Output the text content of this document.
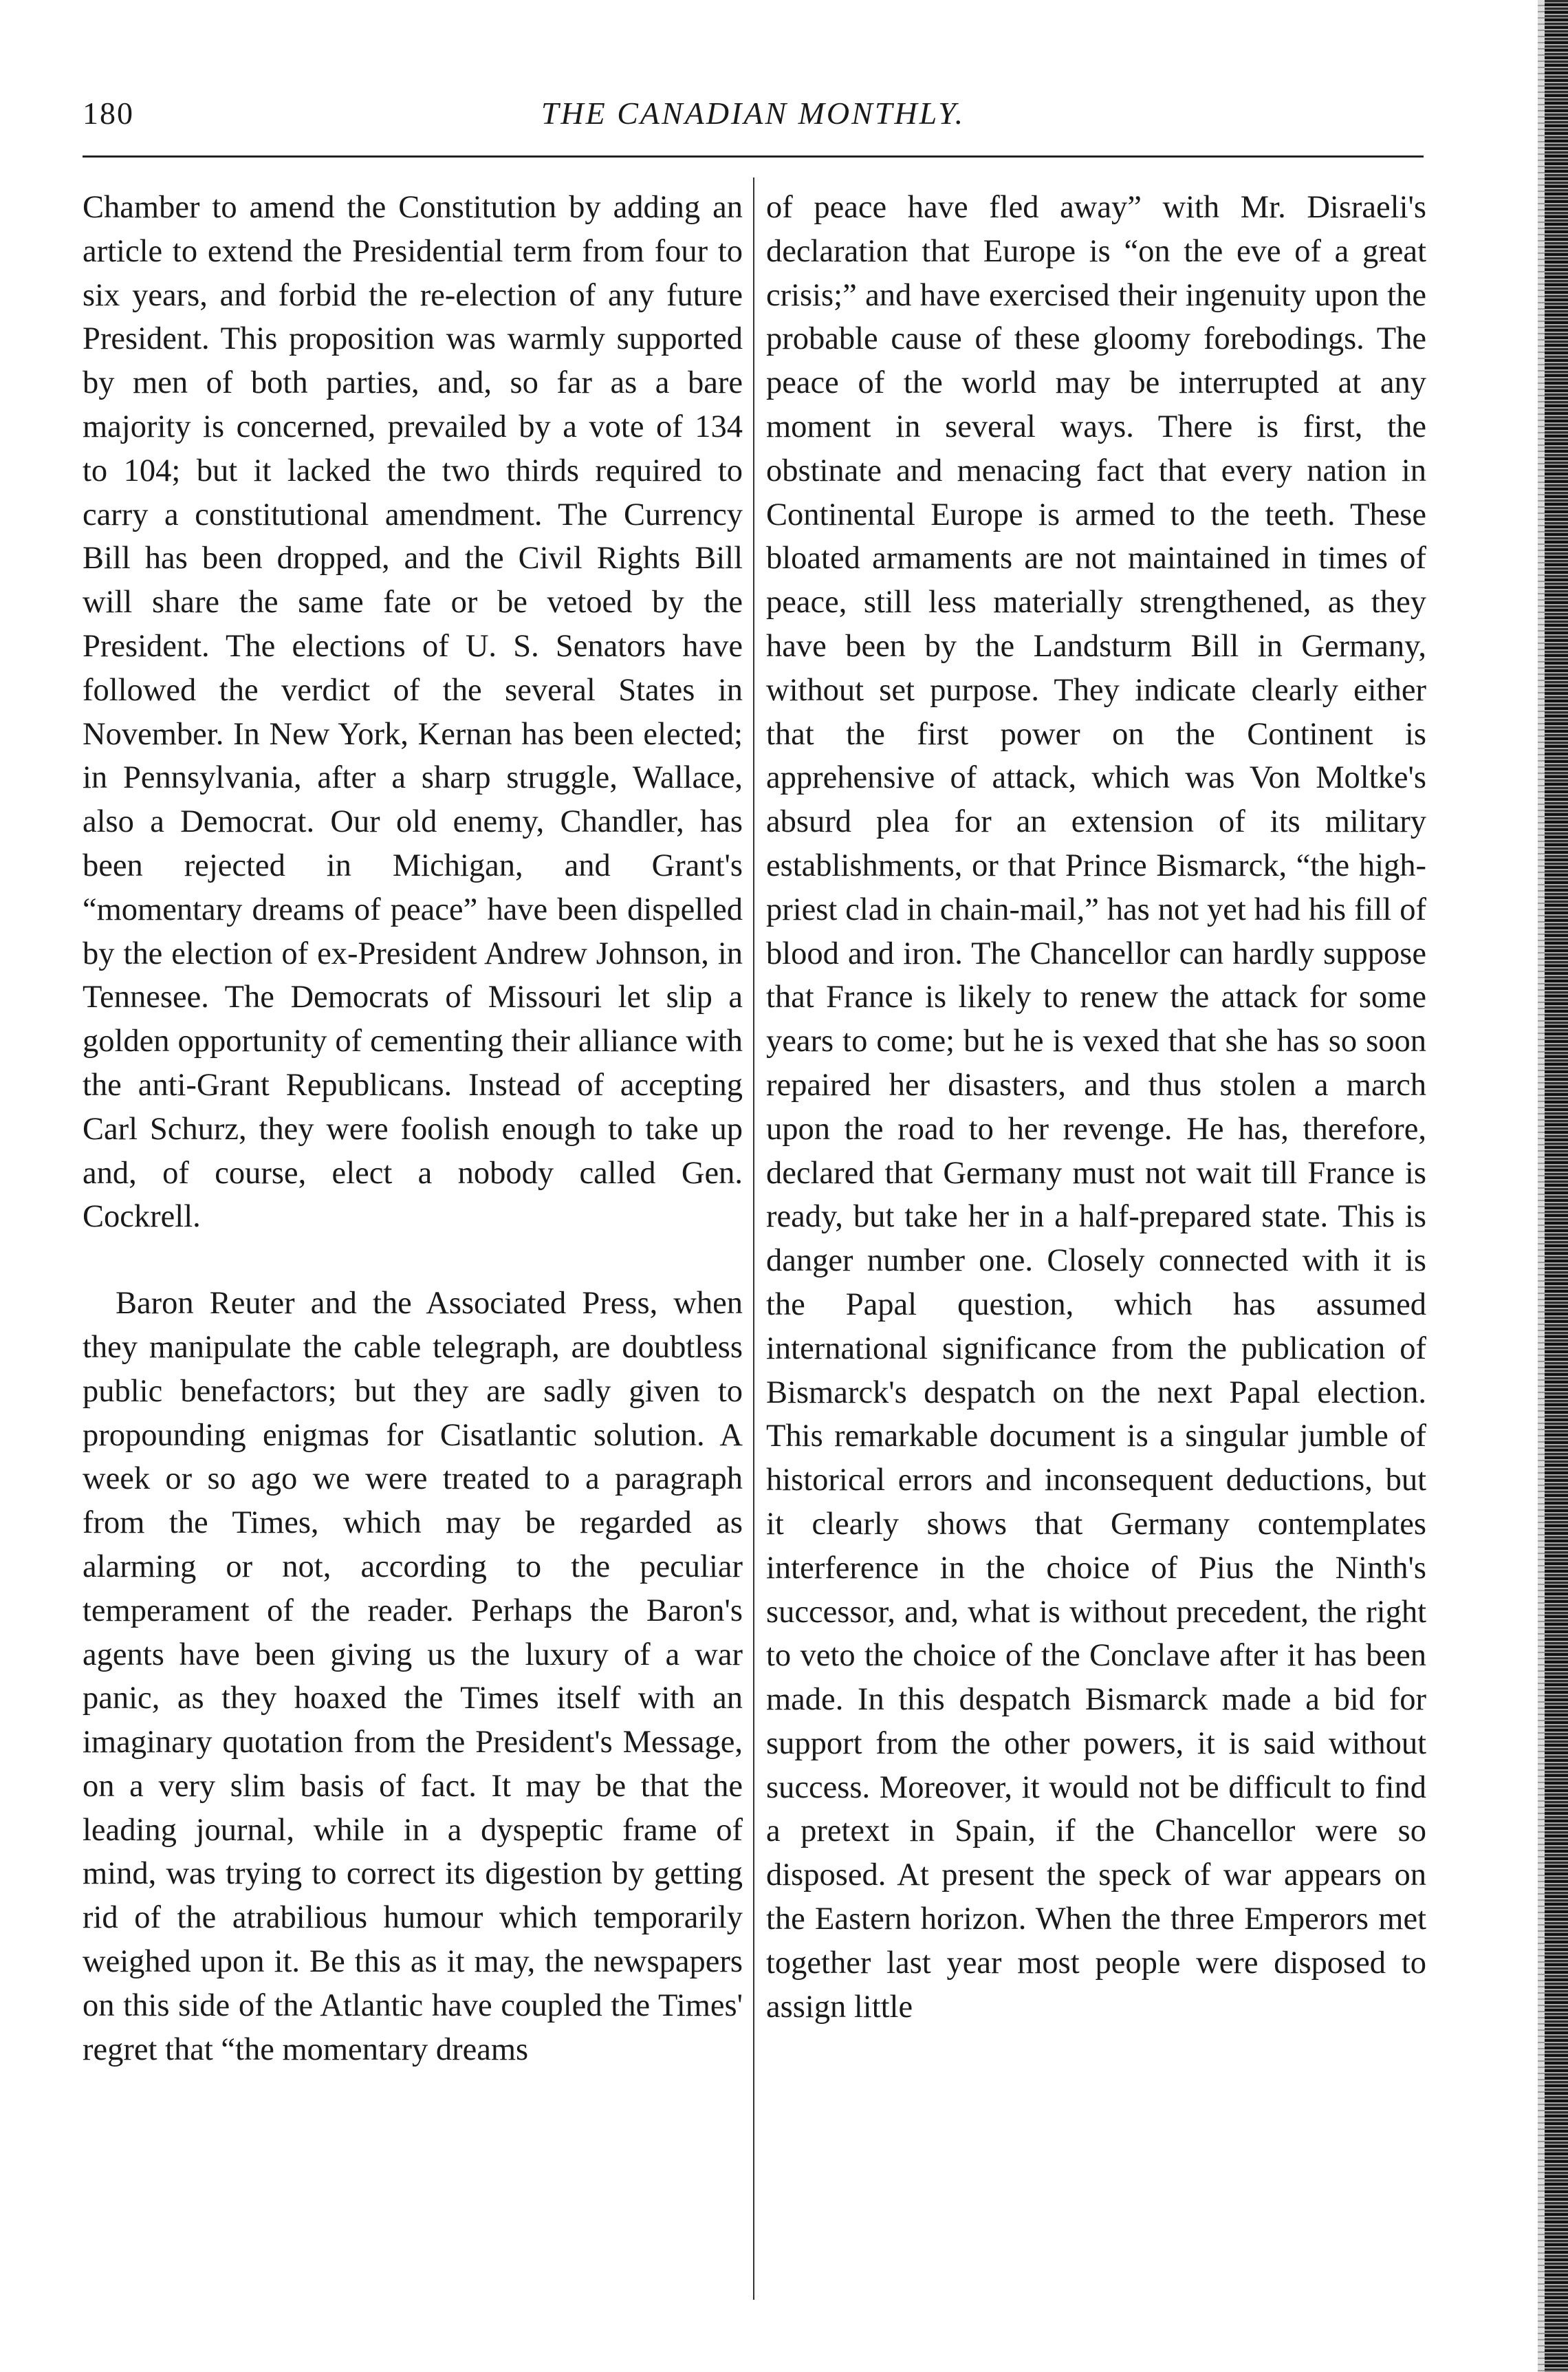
180	THE CANADIAN MONTHLY.

Chamber to amend the Constitution by adding an article to extend the Presidential term from four to six years, and forbid the re-election of any future President. This proposition was warmly supported by men of both parties, and, so far as a bare majority is concerned, prevailed by a vote of 134 to 104; but it lacked the two thirds required to carry a constitutional amendment. The Currency Bill has been dropped, and the Civil Rights Bill will share the same fate or be vetoed by the President. The elections of U. S. Senators have followed the verdict of the several States in November. In New York, Kernan has been elected; in Pennsylvania, after a sharp struggle, Wallace, also a Democrat. Our old enemy, Chandler, has been rejected in Michigan, and Grant's “momentary dreams of peace” have been dispelled by the election of ex-President Andrew Johnson, in Tennesee. The Democrats of Missouri let slip a golden opportunity of cementing their alliance with the anti-Grant Republicans. Instead of accepting Carl Schurz, they were foolish enough to take up and, of course, elect a nobody called Gen. Cockrell.

Baron Reuter and the Associated Press, when they manipulate the cable telegraph, are doubtless public benefactors; but they are sadly given to propounding enigmas for Cisatlantic solution. A week or so ago we were treated to a paragraph from the Times, which may be regarded as alarming or not, according to the peculiar temperament of the reader. Perhaps the Baron's agents have been giving us the luxury of a war panic, as they hoaxed the Times itself with an imaginary quotation from the President's Message, on a very slim basis of fact. It may be that the leading journal, while in a dyspeptic frame of mind, was trying to correct its digestion by getting rid of the atrabilious humour which temporarily weighed upon it. Be this as it may, the newspapers on this side of the Atlantic have coupled the Times' regret that “the momentary dreams

of peace have fled away” with Mr. Disraeli's declaration that Europe is “on the eve of a great crisis;” and have exercised their ingenuity upon the probable cause of these gloomy forebodings. The peace of the world may be interrupted at any moment in several ways. There is first, the obstinate and menacing fact that every nation in Continental Europe is armed to the teeth. These bloated armaments are not maintained in times of peace, still less materially strengthened, as they have been by the Landsturm Bill in Germany, without set purpose. They indicate clearly either that the first power on the Continent is apprehensive of attack, which was Von Moltke's absurd plea for an extension of its military establishments, or that Prince Bismarck, “the high-priest clad in chain-mail,” has not yet had his fill of blood and iron. The Chancellor can hardly suppose that France is likely to renew the attack for some years to come; but he is vexed that she has so soon repaired her disasters, and thus stolen a march upon the road to her revenge. He has, therefore, declared that Germany must not wait till France is ready, but take her in a half-prepared state. This is danger number one. Closely connected with it is the Papal question, which has assumed international significance from the publication of Bismarck's despatch on the next Papal election. This remarkable document is a singular jumble of historical errors and inconsequent deductions, but it clearly shows that Germany contemplates interference in the choice of Pius the Ninth's successor, and, what is without precedent, the right to veto the choice of the Conclave after it has been made. In this despatch Bismarck made a bid for support from the other powers, it is said without success. Moreover, it would not be difficult to find a pretext in Spain, if the Chancellor were so disposed. At present the speck of war appears on the Eastern horizon. When the three Emperors met together last year most people were disposed to assign little
